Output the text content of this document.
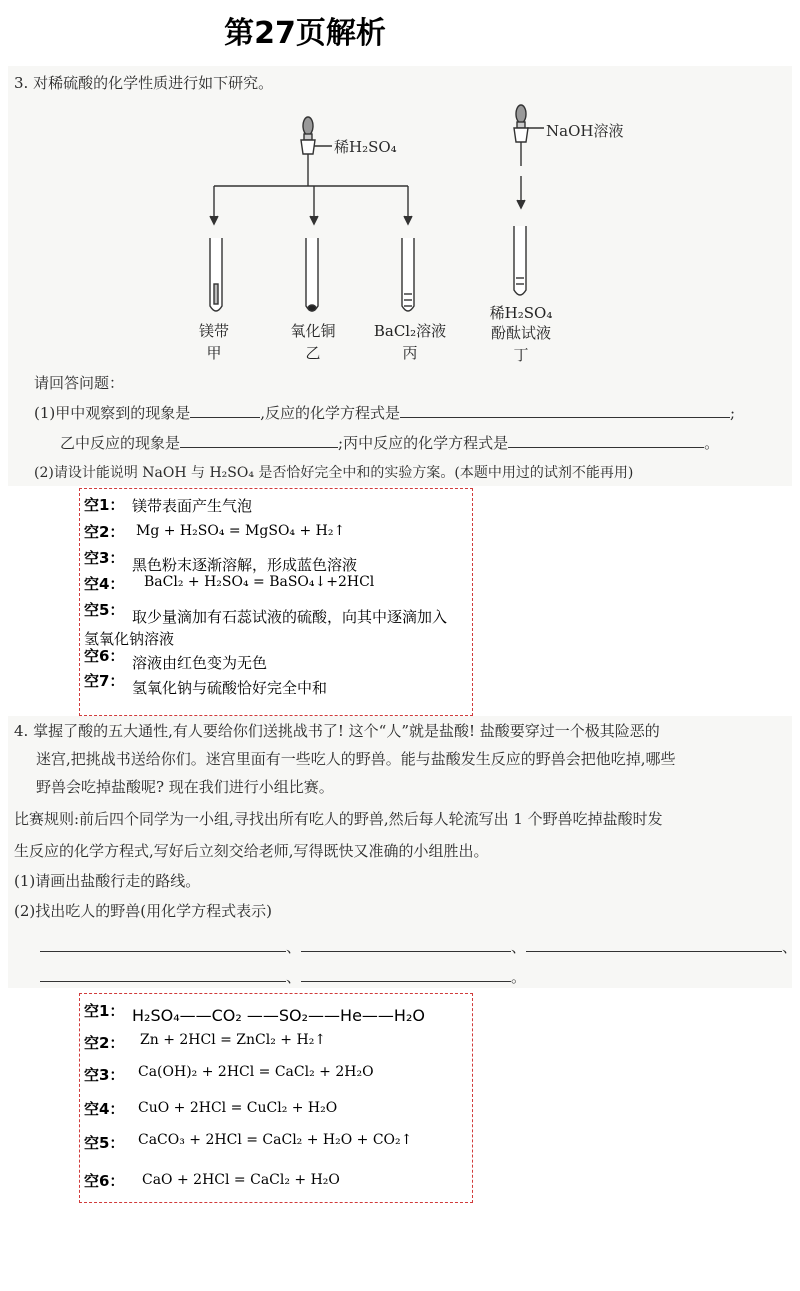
第27页解析
3. 对稀硫酸的化学性质进行如下研究。
稀H₂SO₄
NaOH溶液
镁带
甲
氧化铜
乙
BaCl₂溶液
丙
稀H₂SO₄
酚酞试液
丁
请回答问题：
(1)甲中观察到的现象是	,反应的化学方程式是	;
乙中反应的现象是	;丙中反应的化学方程式是	。
(2)请设计能说明 NaOH 与 H₂SO₄ 是否恰好完全中和的实验方案。(本题中用过的试剂不能再用)
空1： 镁带表面产生气泡
空2： Mg + H₂SO₄ = MgSO₄ + H₂↑
空3： 黑色粉末逐渐溶解，形成蓝色溶液
空4： BaCl₂ + H₂SO₄ = BaSO₄↓+2HCl
空5： 取少量滴加有石蕊试液的硫酸，向其中逐滴加入
氢氧化钠溶液
空6： 溶液由红色变为无色
空7： 氢氧化钠与硫酸恰好完全中和
4. 掌握了酸的五大通性,有人要给你们送挑战书了! 这个“人”就是盐酸! 盐酸要穿过一个极其险恶的
迷宫,把挑战书送给你们。迷宫里面有一些吃人的野兽。能与盐酸发生反应的野兽会把他吃掉,哪些
野兽会吃掉盐酸呢? 现在我们进行小组比赛。
比赛规则:前后四个同学为一小组,寻找出所有吃人的野兽,然后每人轮流写出 1 个野兽吃掉盐酸时发
生反应的化学方程式,写好后立刻交给老师,写得既快又准确的小组胜出。
(1)请画出盐酸行走的路线。
(2)找出吃人的野兽(用化学方程式表示)
、	、	、
、	。
空1： H₂SO₄——CO₂ ——SO₂——He——H₂O
空2： Zn + 2HCl = ZnCl₂ + H₂↑
空3： Ca(OH)₂ + 2HCl = CaCl₂ + 2H₂O
空4： CuO + 2HCl = CuCl₂ + H₂O
空5： CaCO₃ + 2HCl = CaCl₂ + H₂O + CO₂↑
空6： CaO + 2HCl = CaCl₂ + H₂O
